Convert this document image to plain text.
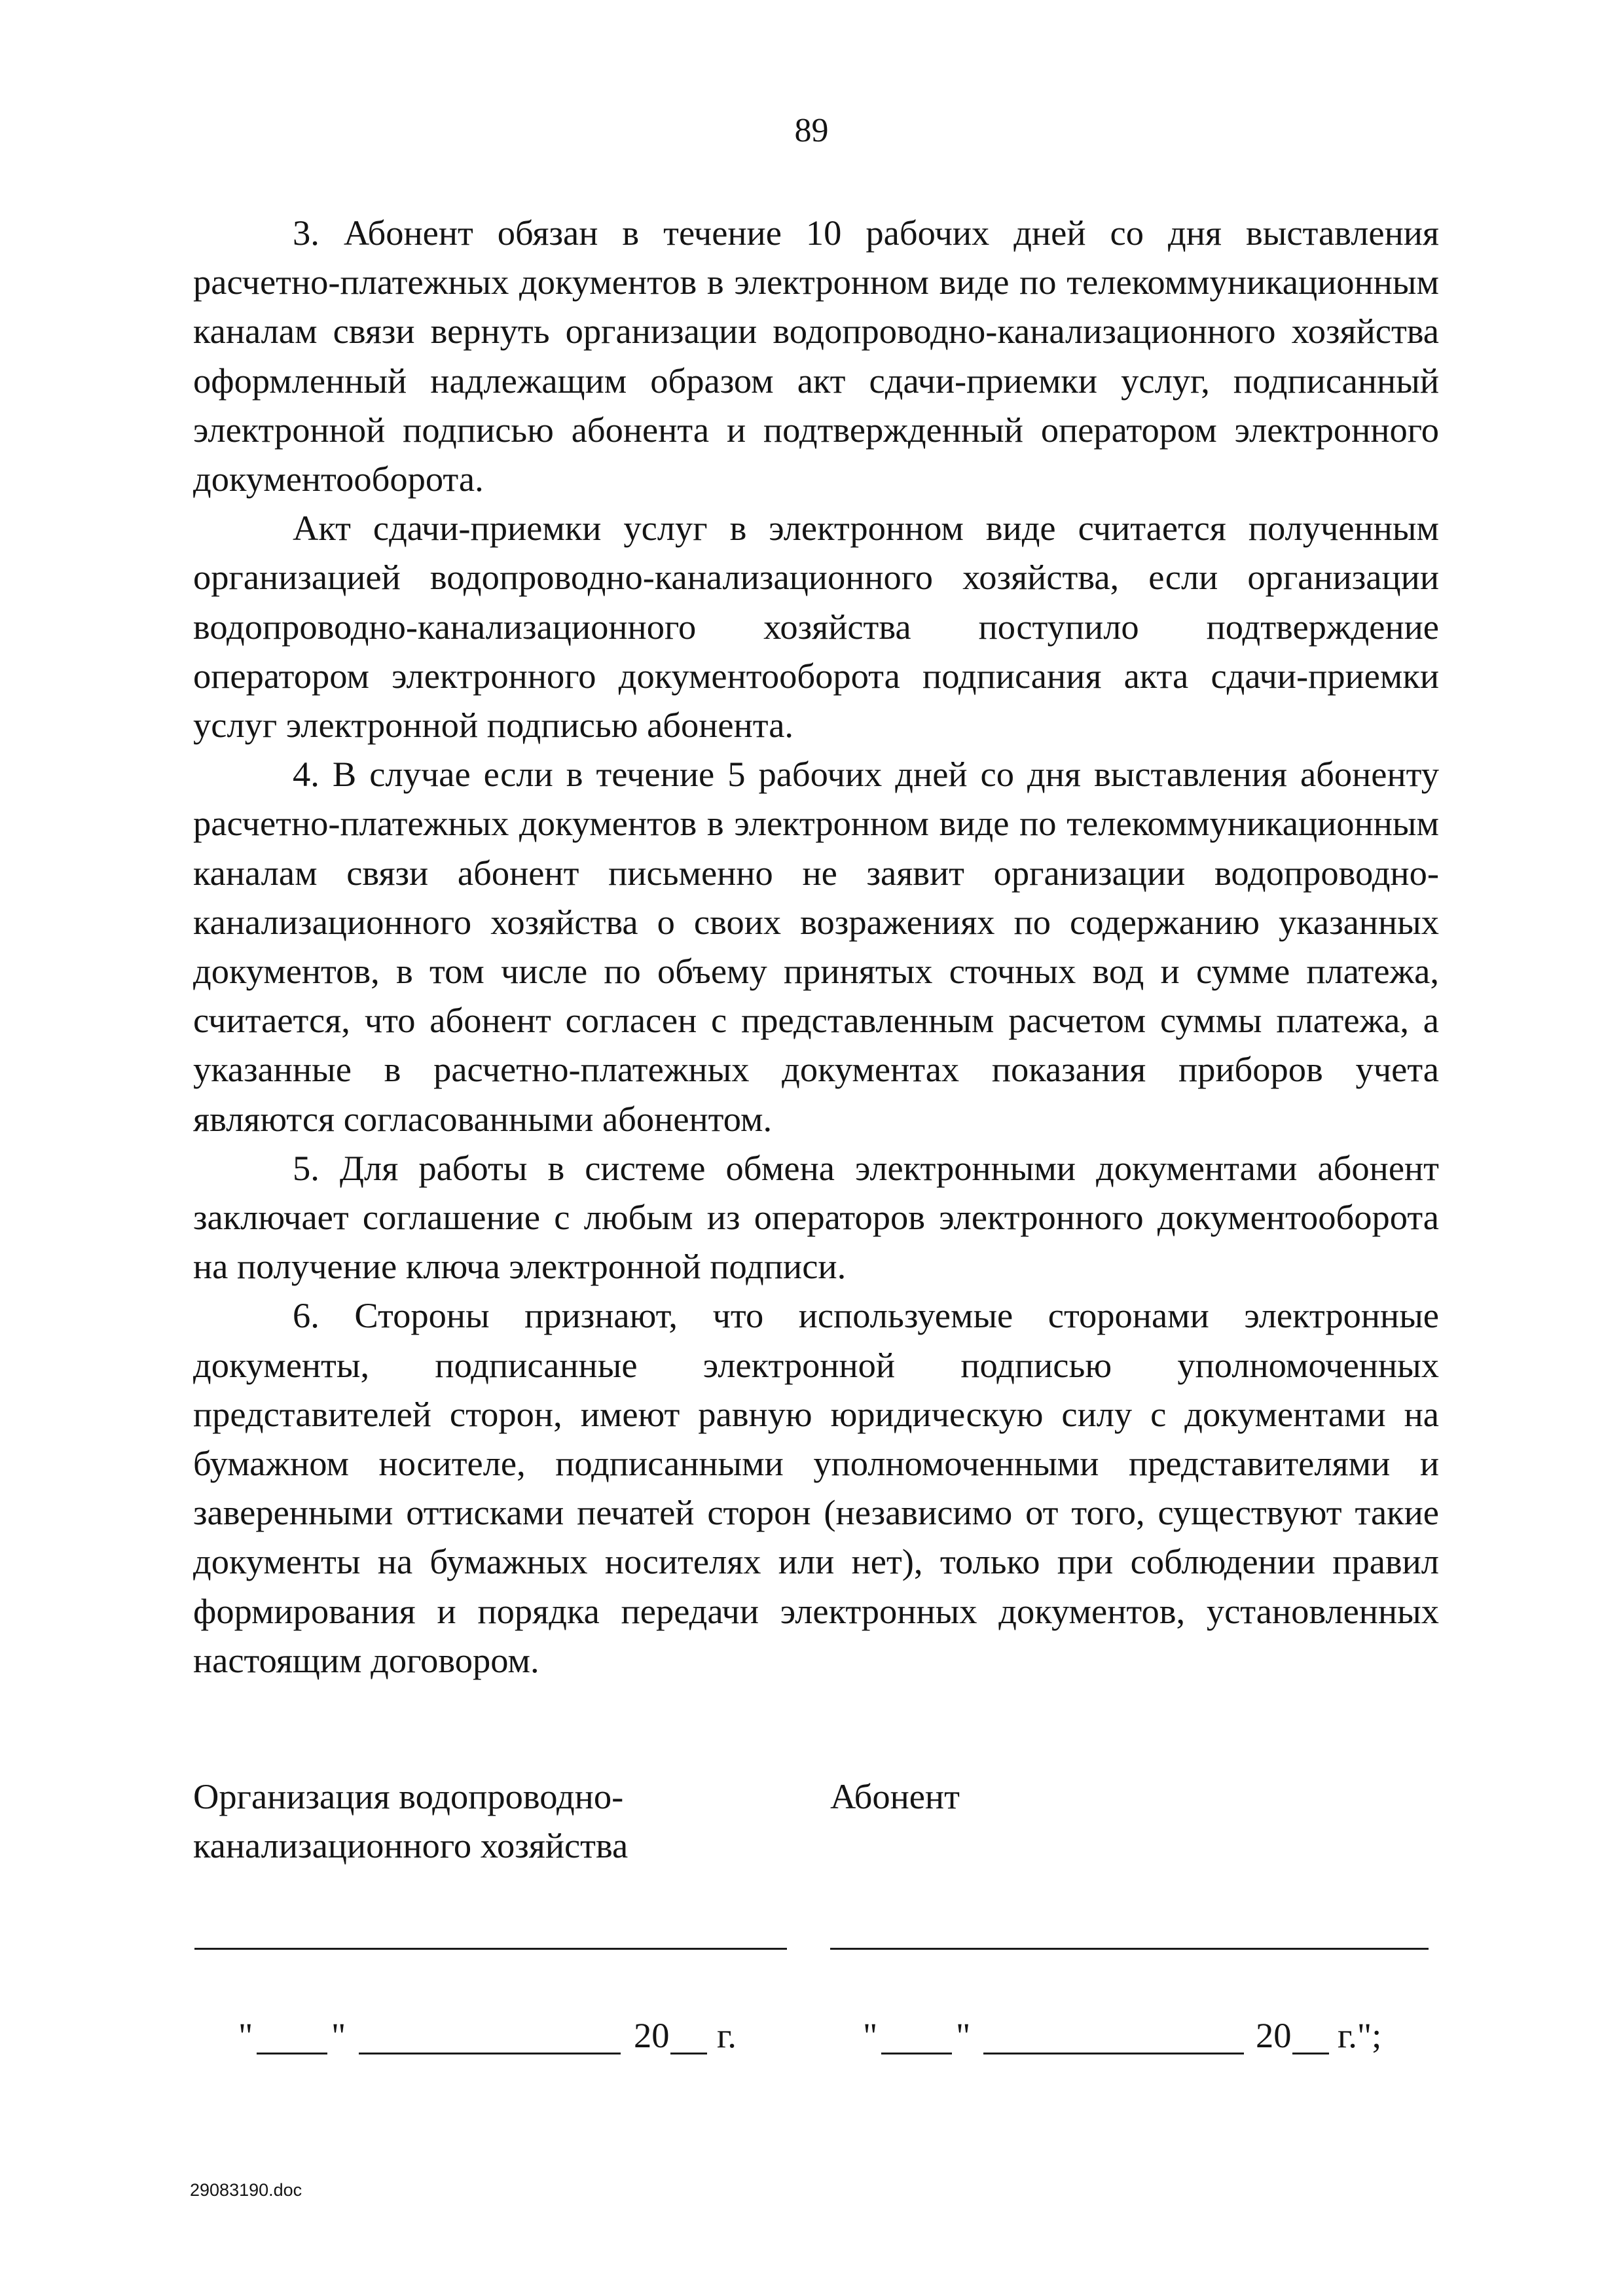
89

3. Абонент обязан в течение 10 рабочих дней со дня выставления расчетно-платежных документов в электронном виде по телекоммуникационным каналам связи вернуть организации водопроводно-канализационного хозяйства оформленный надлежащим образом акт сдачи-приемки услуг, подписанный электронной подписью абонента и подтвержденный оператором электронного документооборота.

Акт сдачи-приемки услуг в электронном виде считается полученным организацией водопроводно-канализационного хозяйства, если организации водопроводно-канализационного хозяйства поступило подтверждение оператором электронного документооборота подписания акта сдачи-приемки услуг электронной подписью абонента.

4. В случае если в течение 5 рабочих дней со дня выставления абоненту расчетно-платежных документов в электронном виде по телекоммуникационным каналам связи абонент письменно не заявит организации водопроводно-канализационного хозяйства о своих возражениях по содержанию указанных документов, в том числе по объему принятых сточных вод и сумме платежа, считается, что абонент согласен с представленным расчетом суммы платежа, а указанные в расчетно-платежных документах показания приборов учета являются согласованными абонентом.

5. Для работы в системе обмена электронными документами абонент заключает соглашение с любым из операторов электронного документооборота на получение ключа электронной подписи.

6. Стороны признают, что используемые сторонами электронные документы, подписанные электронной подписью уполномоченных представителей сторон, имеют равную юридическую силу с документами на бумажном носителе, подписанными уполномоченными представителями и заверенными оттисками печатей сторон (независимо от того, существуют такие документы на бумажных носителях или нет), только при соблюдении правил формирования и порядка передачи электронных документов, установленных настоящим договором.

Организация водопроводно-
канализационного хозяйства
Абонент
" "	20 г.	" "	20 г.";
29083190.doc
